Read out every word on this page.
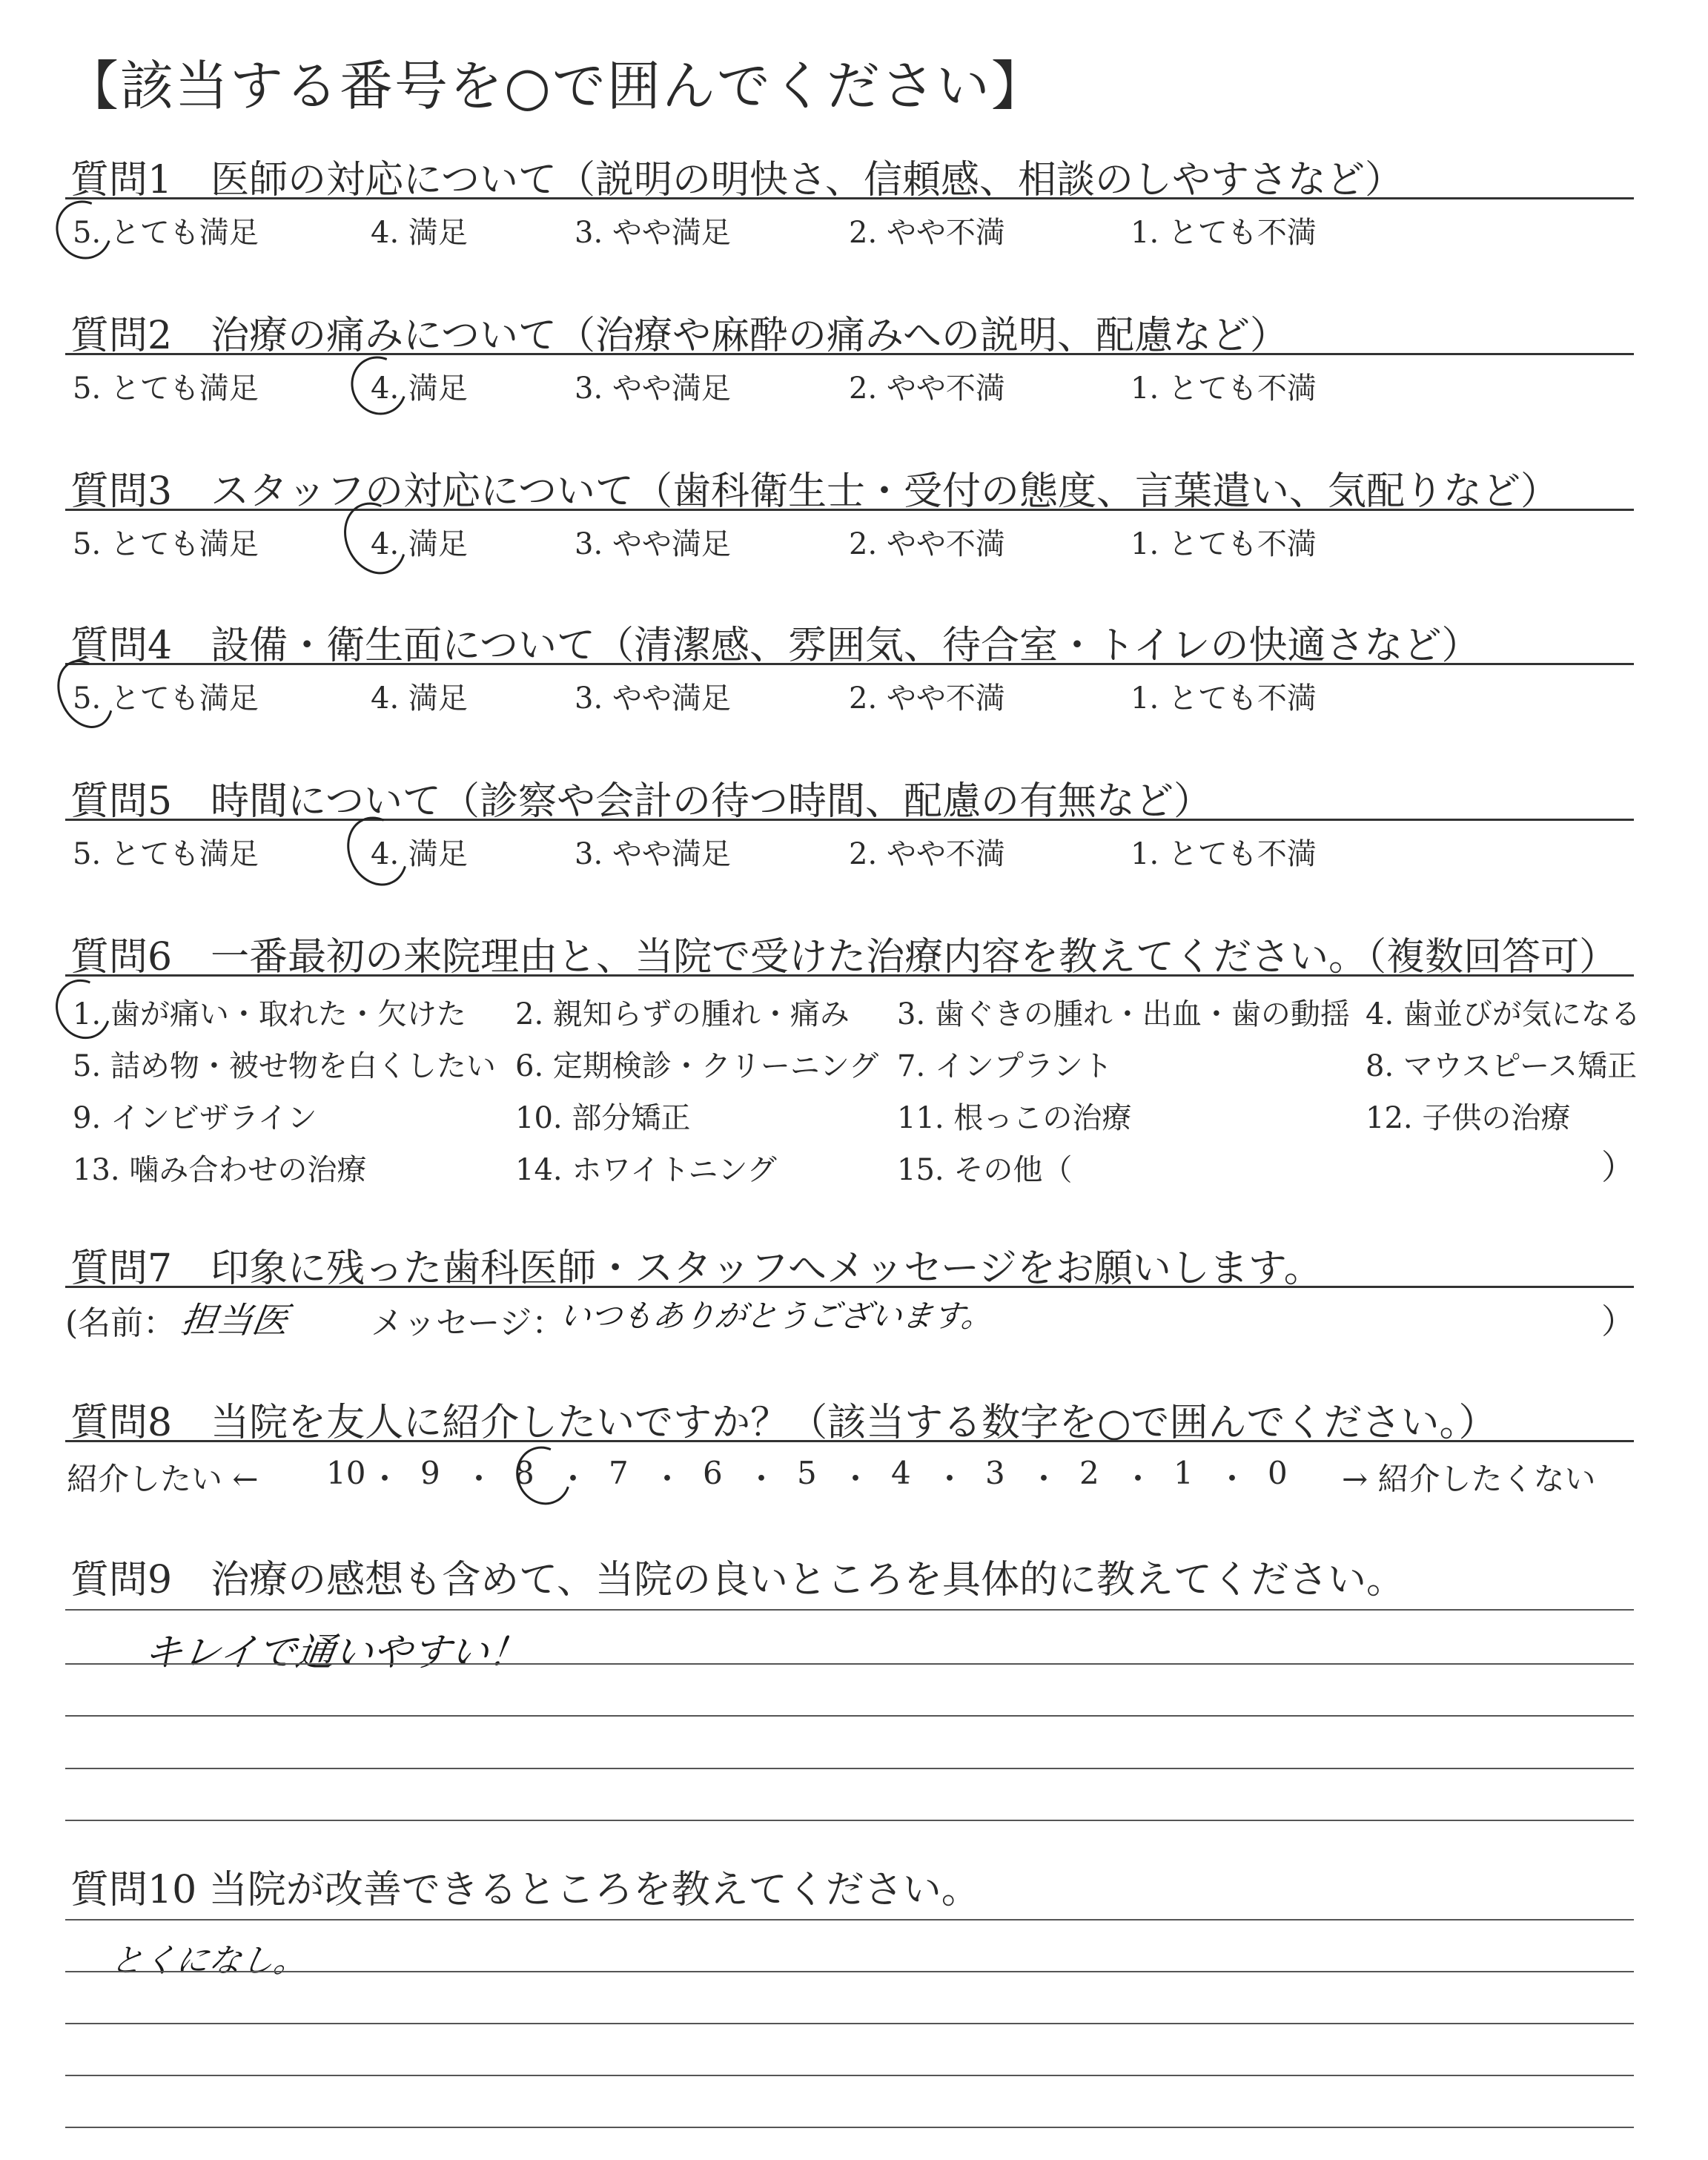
【該当する番号を○で囲んでください】
質問1　医師の対応について（説明の明快さ、信頼感、相談のしやすさなど）
5. とても満足	4. 満足	3. やや満足	2. やや不満	1. とても不満
質問2　治療の痛みについて（治療や麻酔の痛みへの説明、配慮など）
5. とても満足	4. 満足	3. やや満足	2. やや不満	1. とても不満
質問3　スタッフの対応について（歯科衛生士・受付の態度、言葉遣い、気配りなど）
5. とても満足	4. 満足	3. やや満足	2. やや不満	1. とても不満
質問4　設備・衛生面について（清潔感、雰囲気、待合室・トイレの快適さなど）
5. とても満足	4. 満足	3. やや満足	2. やや不満	1. とても不満
質問5　時間について（診察や会計の待つ時間、配慮の有無など）
5. とても満足	4. 満足	3. やや満足	2. やや不満	1. とても不満
質問6　一番最初の来院理由と、当院で受けた治療内容を教えてください。（複数回答可）
1. 歯が痛い・取れた・欠けた 2. 親知らずの腫れ・痛み 3. 歯ぐきの腫れ・出血・歯の動揺 4. 歯並びが気になる
5. 詰め物・被せ物を白くしたい 6. 定期検診・クリーニング 7. インプラント	8. マウスピース矯正
9. インビザライン	10. 部分矯正	11. 根っこの治療	12. 子供の治療
13. 噛み合わせの治療	14. ホワイトニング	15. その他（	）
質問7　印象に残った歯科医師・スタッフへメッセージをお願いします。
(名前： 担当医 メッセージ：
いつもありがとうございます。	）
質問8　当院を友人に紹介したいですか？（該当する数字を○で囲んでください。）
紹介したい ← 10 ・ 9 ・ 8 ・ 7 ・ 6 ・ 5 ・ 4 ・ 3 ・ 2 ・ 1 ・ 0 → 紹介したくない
質問9　治療の感想も含めて、当院の良いところを具体的に教えてください。
キレイで通いやすい！
質問10 当院が改善できるところを教えてください。
とくになし。
